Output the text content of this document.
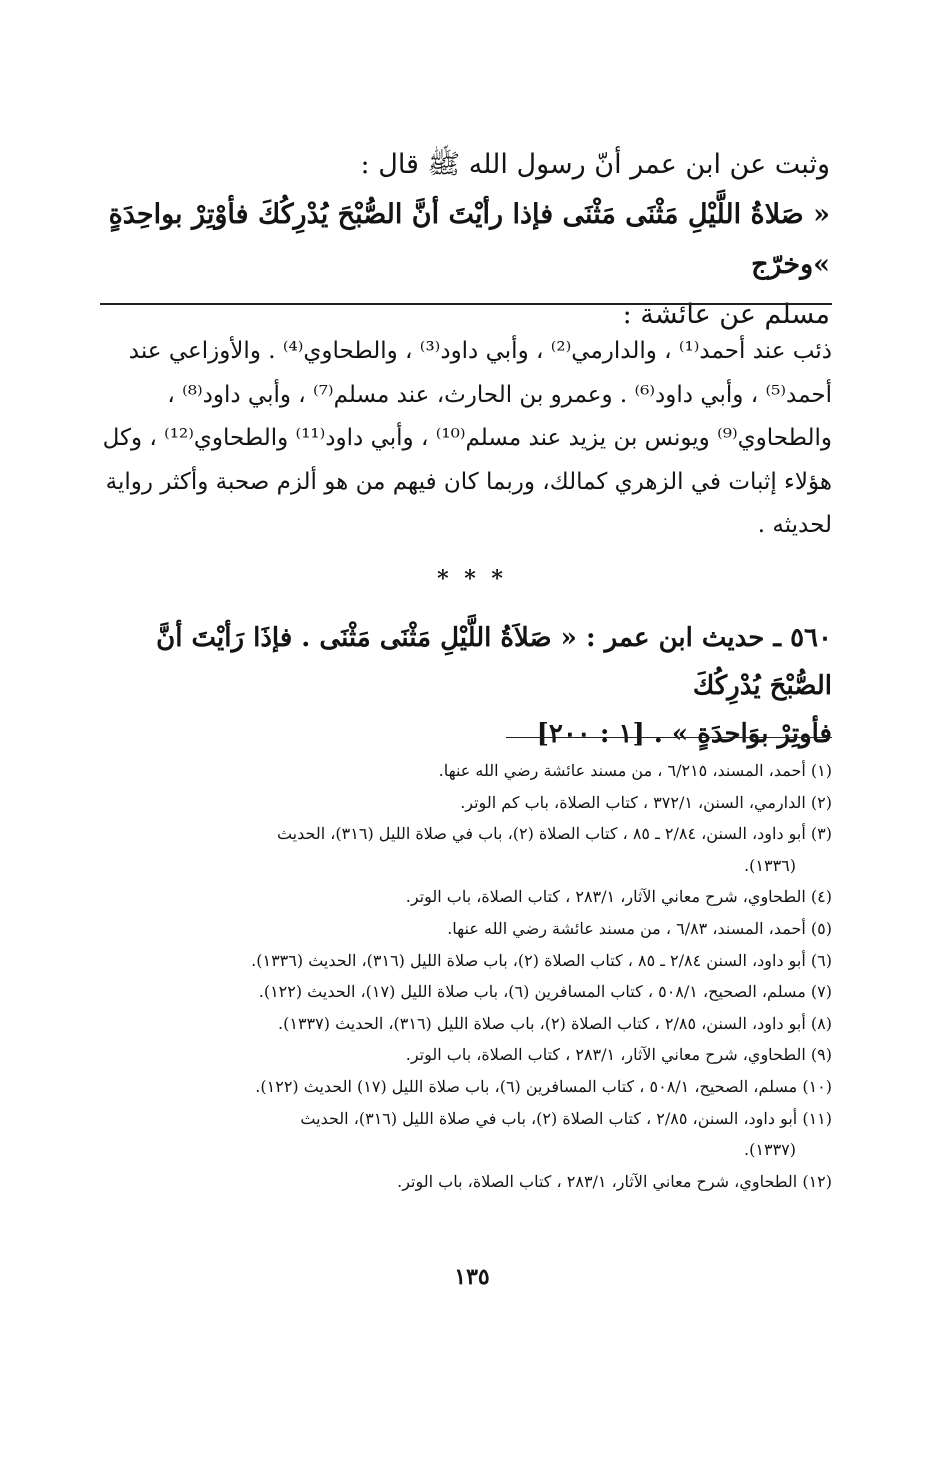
وثبت عن ابن عمر أنّ رسول الله ﷺ قال :

« صَلاةُ اللَّيْلِ مَثْنَى مَثْنَى فإذا رأيْتَ أنَّ الصُّبْحَ يُدْرِكُكَ فأوْتِرْ بواحِدَةٍ »وخرّج

مسلم عن عائشة :

ذئب عند أحمد⁽¹⁾ ، والدارمي⁽²⁾ ، وأبي داود⁽³⁾ ، والطحاوي⁽⁴⁾ . والأوزاعي عند

أحمد⁽⁵⁾ ، وأبي داود⁽⁶⁾ . وعمرو بن الحارث، عند مسلم⁽⁷⁾ ، وأبي داود⁽⁸⁾ ،

والطحاوي⁽⁹⁾ ويونس بن يزيد عند مسلم⁽¹⁰⁾ ، وأبي داود⁽¹¹⁾ والطحاوي⁽¹²⁾ ، وكل

هؤلاء إثبات في الزهري كمالك، وربما كان فيهم من هو ألزم صحبة وأكثر رواية

لحديثه .

* * *

٥٦٠ ـ حديث ابن عمر : « صَلاَةُ اللَّيْلِ مَثْنَى مَثْنَى . فإذَا رَأيْتَ أنَّ الصُّبْحَ يُدْرِكُكَ

فأوتِرْ بوَاحدَةٍ » . [١ : ٢٠٠]

(١) أحمد، المسند، ٦/٢١٥ ، من مسند عائشة رضي الله عنها.
(٢) الدارمي، السنن، ٣٧٢/١ ، كتاب الصلاة، باب كم الوتر.
(٣) أبو داود، السنن، ٢/٨٤ ـ ٨٥ ، كتاب الصلاة (٢)، باب في صلاة الليل (٣١٦)، الحديث
(١٣٣٦).
(٤) الطحاوي، شرح معاني الآثار، ٢٨٣/١ ، كتاب الصلاة، باب الوتر.
(٥) أحمد، المسند، ٦/٨٣ ، من مسند عائشة رضي الله عنها.
(٦) أبو داود، السنن ٢/٨٤ ـ ٨٥ ، كتاب الصلاة (٢)، باب صلاة الليل (٣١٦)، الحديث (١٣٣٦).
(٧) مسلم، الصحيح، ٥٠٨/١ ، كتاب المسافرين (٦)، باب صلاة الليل (١٧)، الحديث (١٢٢).
(٨) أبو داود، السنن، ٢/٨٥ ، كتاب الصلاة (٢)، باب صلاة الليل (٣١٦)، الحديث (١٣٣٧).
(٩) الطحاوي، شرح معاني الآثار، ٢٨٣/١ ، كتاب الصلاة، باب الوتر.
(١٠) مسلم، الصحيح، ٥٠٨/١ ، كتاب المسافرين (٦)، باب صلاة الليل (١٧) الحديث (١٢٢).
(١١) أبو داود، السنن، ٢/٨٥ ، كتاب الصلاة (٢)، باب في صلاة الليل (٣١٦)، الحديث
(١٣٣٧).
(١٢) الطحاوي، شرح معاني الآثار، ٢٨٣/١ ، كتاب الصلاة، باب الوتر.
١٣٥
